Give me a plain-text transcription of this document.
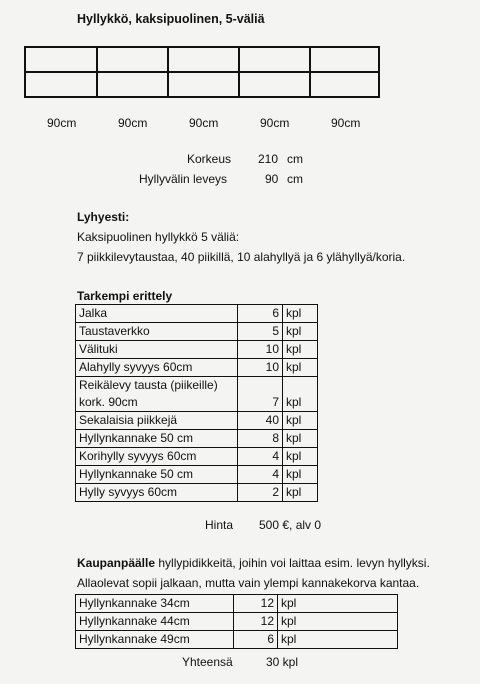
Hyllykkö, kaksipuolinen, 5-väliä
90cm	90cm	90cm	90cm	90cm
Korkeus 210 cm
Hyllyvälin leveys	90 cm
Lyhyesti:
Kaksipuolinen hyllykkö 5 väliä:
7 piikkilevytaustaa, 40 piikillä, 10 alahyllyä ja 6 ylähyllyä/koria.
Tarkempi erittely
Jalka	6	kpl
Taustaverkko	5	kpl
Välituki	10	kpl
Alahylly syvyys 60cm	10	kpl
Reikälevy tausta (piikeille) kork. 90cm	7	kpl
Sekalaisia piikkejä	40	kpl
Hyllynkannake 50 cm	8	kpl
Korihylly syvyys 60cm	4	kpl
Hyllynkannake 50 cm	4	kpl
Hylly syvyys 60cm	2	kpl
Hinta 500 €, alv 0
Kaupanpäälle hyllypidikkeitä, joihin voi laittaa esim. levyn hyllyksi.
Allaolevat sopii jalkaan, mutta vain ylempi kannakekorva kantaa.
Hyllynkannake 34cm	12	kpl
Hyllynkannake 44cm	12	kpl
Hyllynkannake 49cm	6	kpl
Yhteensä	30 kpl
